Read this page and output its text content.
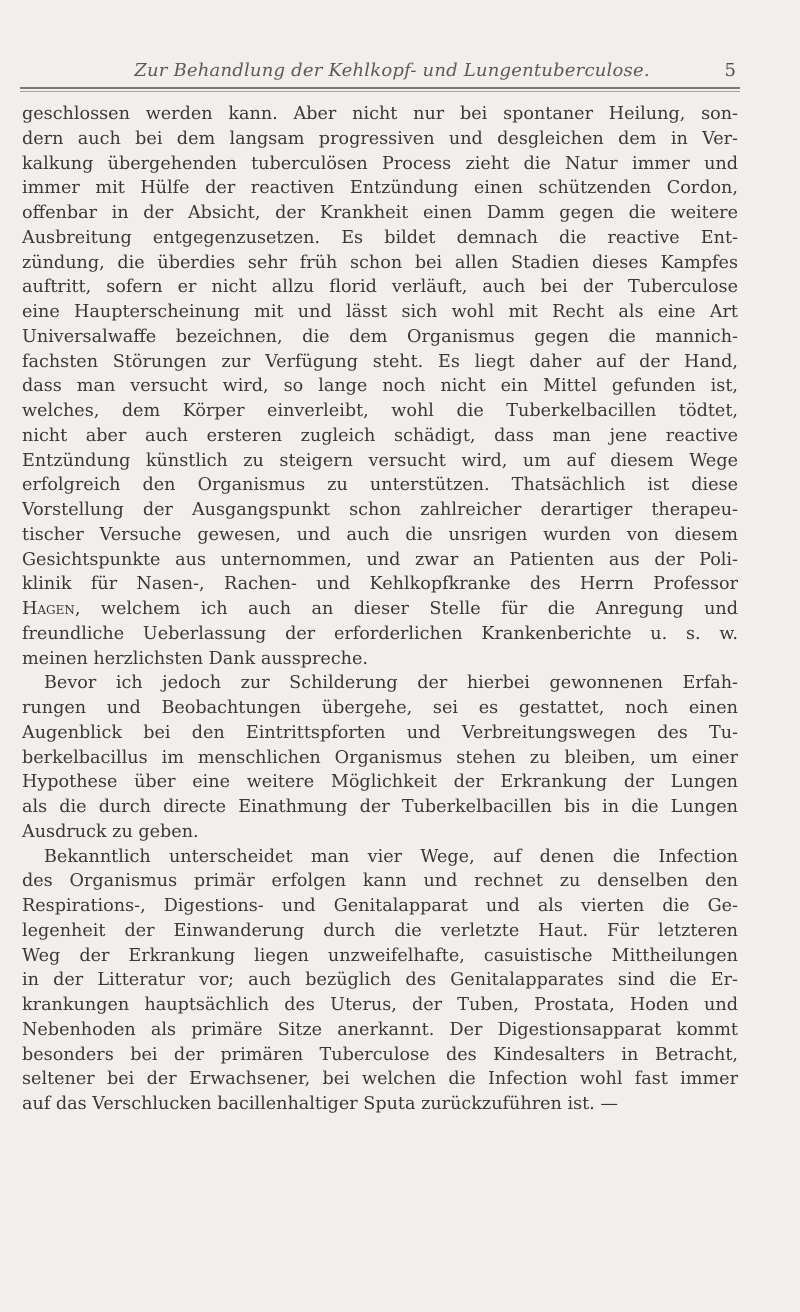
Zur Behandlung der Kehlkopf- und Lungentuberculose.	5
geschlossen werden kann. Aber nicht nur bei spontaner Heilung, son-
dern auch bei dem langsam progressiven und desgleichen dem in Ver-
kalkung übergehenden tuberculösen Process zieht die Natur immer und
immer mit Hülfe der reactiven Entzündung einen schützenden Cordon,
offenbar in der Absicht, der Krankheit einen Damm gegen die weitere
Ausbreitung entgegenzusetzen. Es bildet demnach die reactive Ent-
zündung, die überdies sehr früh schon bei allen Stadien dieses Kampfes
auftritt, sofern er nicht allzu florid verläuft, auch bei der Tuberculose
eine Haupterscheinung mit und lässt sich wohl mit Recht als eine Art
Universalwaffe bezeichnen, die dem Organismus gegen die mannich-
fachsten Störungen zur Verfügung steht. Es liegt daher auf der Hand,
dass man versucht wird, so lange noch nicht ein Mittel gefunden ist,
welches, dem Körper einverleibt, wohl die Tuberkelbacillen tödtet,
nicht aber auch ersteren zugleich schädigt, dass man jene reactive
Entzündung künstlich zu steigern versucht wird, um auf diesem Wege
erfolgreich den Organismus zu unterstützen. Thatsächlich ist diese
Vorstellung der Ausgangspunkt schon zahlreicher derartiger therapeu-
tischer Versuche gewesen, und auch die unsrigen wurden von diesem
Gesichtspunkte aus unternommen, und zwar an Patienten aus der Poli-
klinik für Nasen-, Rachen- und Kehlkopfkranke des Herrn Professor
Hagen, welchem ich auch an dieser Stelle für die Anregung und
freundliche Ueberlassung der erforderlichen Krankenberichte u. s. w.
meinen herzlichsten Dank ausspreche.
Bevor ich jedoch zur Schilderung der hierbei gewonnenen Erfah-
rungen und Beobachtungen übergehe, sei es gestattet, noch einen
Augenblick bei den Eintrittspforten und Verbreitungswegen des Tu-
berkelbacillus im menschlichen Organismus stehen zu bleiben, um einer
Hypothese über eine weitere Möglichkeit der Erkrankung der Lungen
als die durch directe Einathmung der Tuberkelbacillen bis in die Lungen
Ausdruck zu geben.
Bekanntlich unterscheidet man vier Wege, auf denen die Infection
des Organismus primär erfolgen kann und rechnet zu denselben den
Respirations-, Digestions- und Genitalapparat und als vierten die Ge-
legenheit der Einwanderung durch die verletzte Haut. Für letzteren
Weg der Erkrankung liegen unzweifelhafte, casuistische Mittheilungen
in der Litteratur vor; auch bezüglich des Genitalapparates sind die Er-
krankungen hauptsächlich des Uterus, der Tuben, Prostata, Hoden und
Nebenhoden als primäre Sitze anerkannt. Der Digestionsapparat kommt
besonders bei der primären Tuberculose des Kindesalters in Betracht,
seltener bei der Erwachsener, bei welchen die Infection wohl fast immer
auf das Verschlucken bacillenhaltiger Sputa zurückzuführen ist. —
